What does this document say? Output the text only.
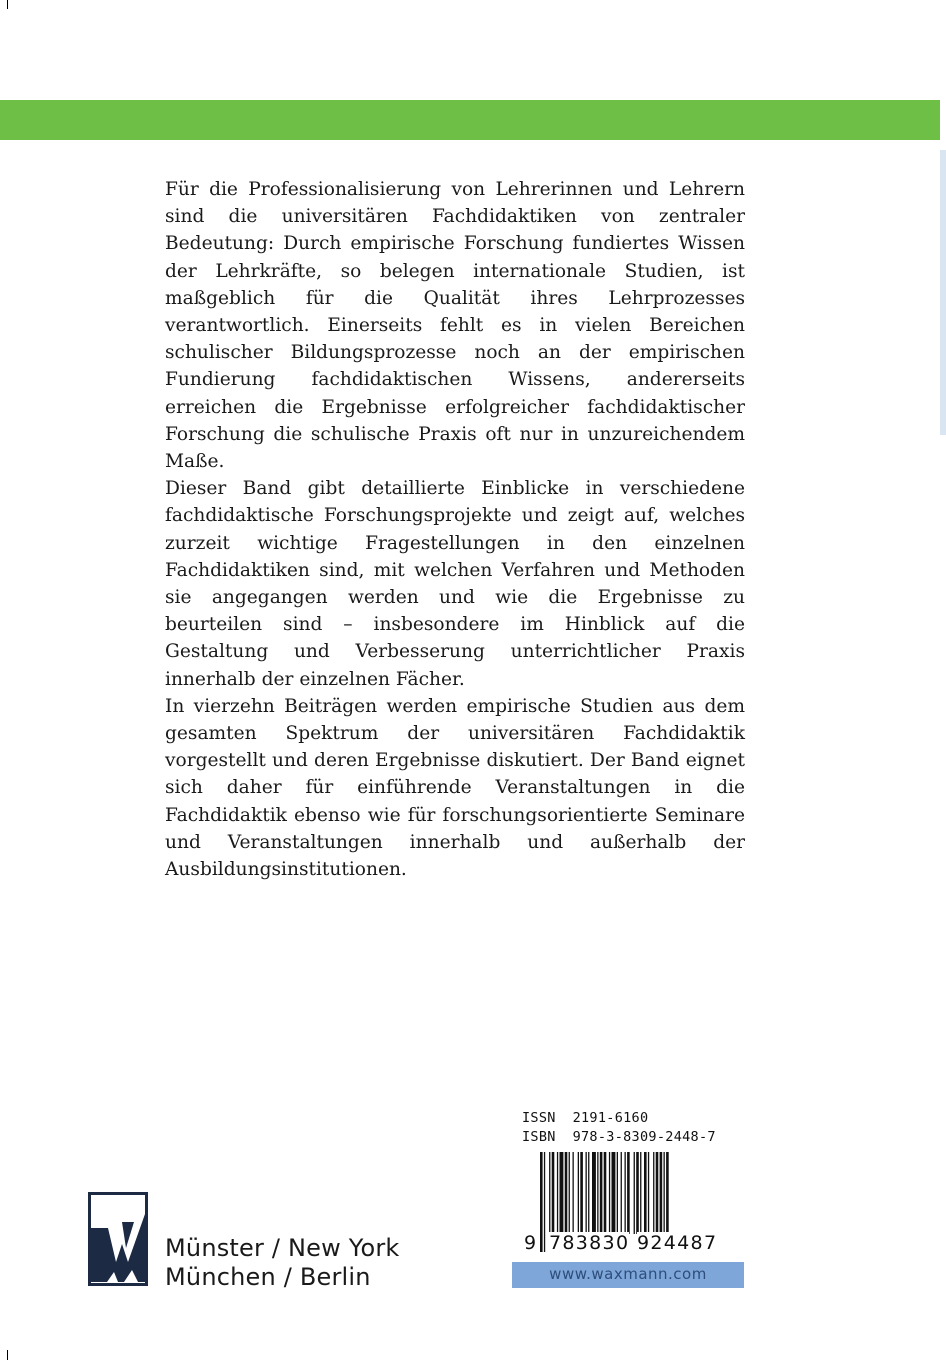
Für die Professionalisierung von Lehrerinnen und Lehrern sind die universitären Fachdidaktiken von zentraler Bedeutung: Durch empirische Forschung fundiertes Wissen der Lehrkräfte, so belegen internationale Studien, ist maßgeblich für die Qualität ihres Lehrprozesses verantwortlich. Einerseits fehlt es in vielen Bereichen schulischer Bildungsprozesse noch an der empirischen Fundierung fachdidaktischen Wissens, andererseits erreichen die Ergebnisse erfolgreicher fachdidaktischer Forschung die schulische Praxis oft nur in unzureichendem Maße.

Dieser Band gibt detaillierte Einblicke in verschiedene fachdidaktische Forschungsprojekte und zeigt auf, welches zurzeit wichtige Fragestellungen in den einzelnen Fachdidaktiken sind, mit welchen Verfahren und Methoden sie angegangen werden und wie die Ergebnisse zu beurteilen sind – insbesondere im Hinblick auf die Gestaltung und Verbesserung unterrichtlicher Praxis innerhalb der einzelnen Fächer.

In vierzehn Beiträgen werden empirische Studien aus dem gesamten Spektrum der universitären Fachdidaktik vorgestellt und deren Ergebnisse diskutiert. Der Band eignet sich daher für einführende Veranstaltungen in die Fachdidaktik ebenso wie für forschungsorientierte Seminare und Veranstaltungen innerhalb und außerhalb der Ausbildungsinstitutionen.

Münster / New York
München / Berlin
ISSN  2191-6160
ISBN  978-3-8309-2448-7
9 783830 924487
www.waxmann.com
